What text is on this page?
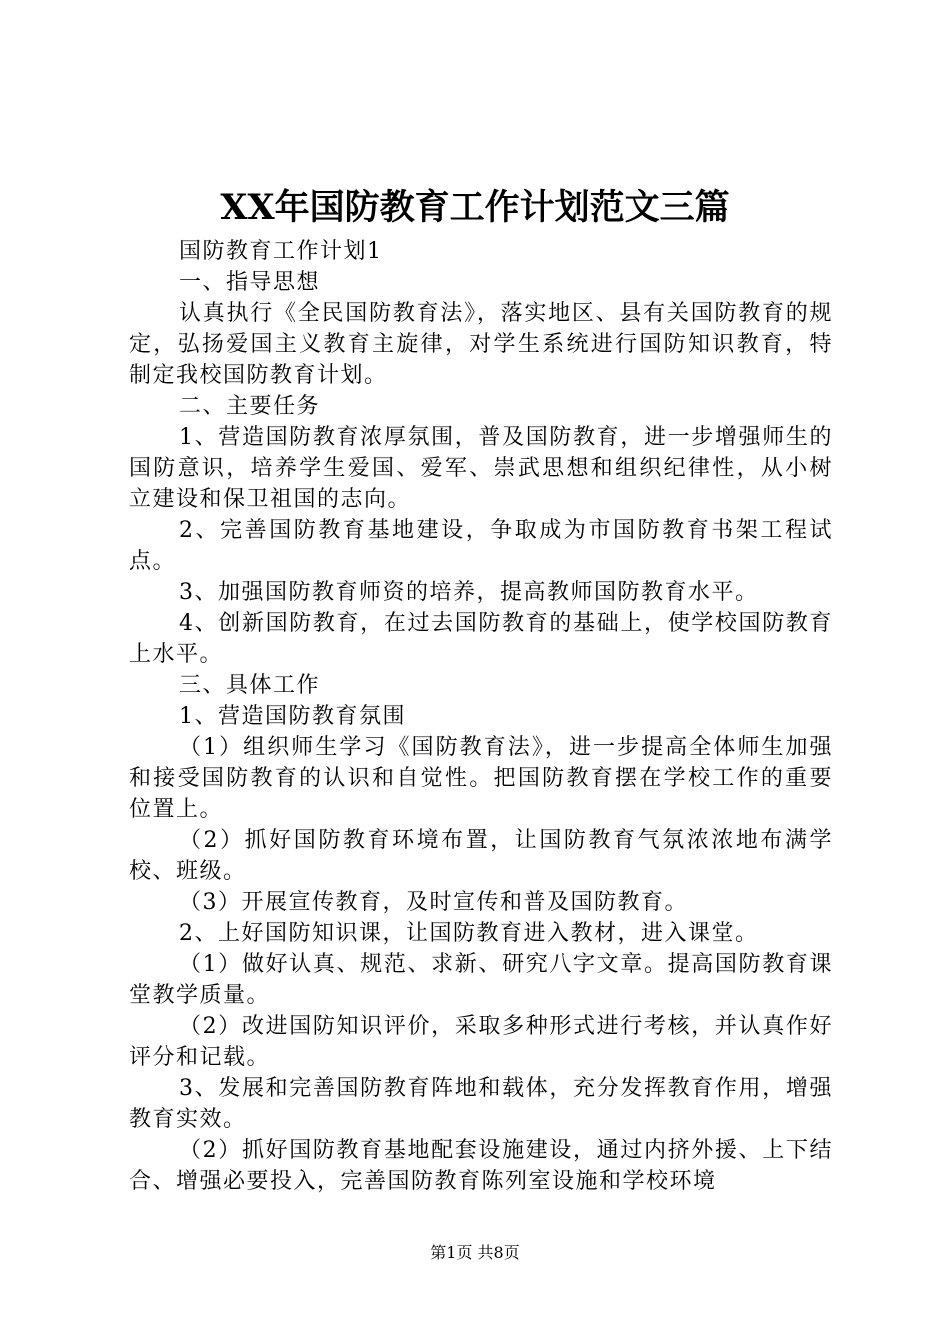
XX年国防教育工作计划范文三篇

国防教育工作计划1

一、指导思想

认真执行《全民国防教育法》，落实地区、县有关国防教育的规定，弘扬爱国主义教育主旋律，对学生系统进行国防知识教育，特制定我校国防教育计划。

二、主要任务

1、营造国防教育浓厚氛围，普及国防教育，进一步增强师生的国防意识，培养学生爱国、爱军、崇武思想和组织纪律性，从小树立建设和保卫祖国的志向。

2、完善国防教育基地建设，争取成为市国防教育书架工程试点。

3、加强国防教育师资的培养，提高教师国防教育水平。

4、创新国防教育，在过去国防教育的基础上，使学校国防教育上水平。

三、具体工作

1、营造国防教育氛围

（1）组织师生学习《国防教育法》，进一步提高全体师生加强和接受国防教育的认识和自觉性。把国防教育摆在学校工作的重要位置上。

（2）抓好国防教育环境布置，让国防教育气氛浓浓地布满学校、班级。

（3）开展宣传教育，及时宣传和普及国防教育。

2、上好国防知识课，让国防教育进入教材，进入课堂。

（1）做好认真、规范、求新、研究八字文章。提高国防教育课堂教学质量。

（2）改进国防知识评价，采取多种形式进行考核，并认真作好评分和记载。

3、发展和完善国防教育阵地和载体，充分发挥教育作用，增强教育实效。

（2）抓好国防教育基地配套设施建设，通过内挤外援、上下结合、增强必要投入，完善国防教育陈列室设施和学校环境

第1页 共8页
